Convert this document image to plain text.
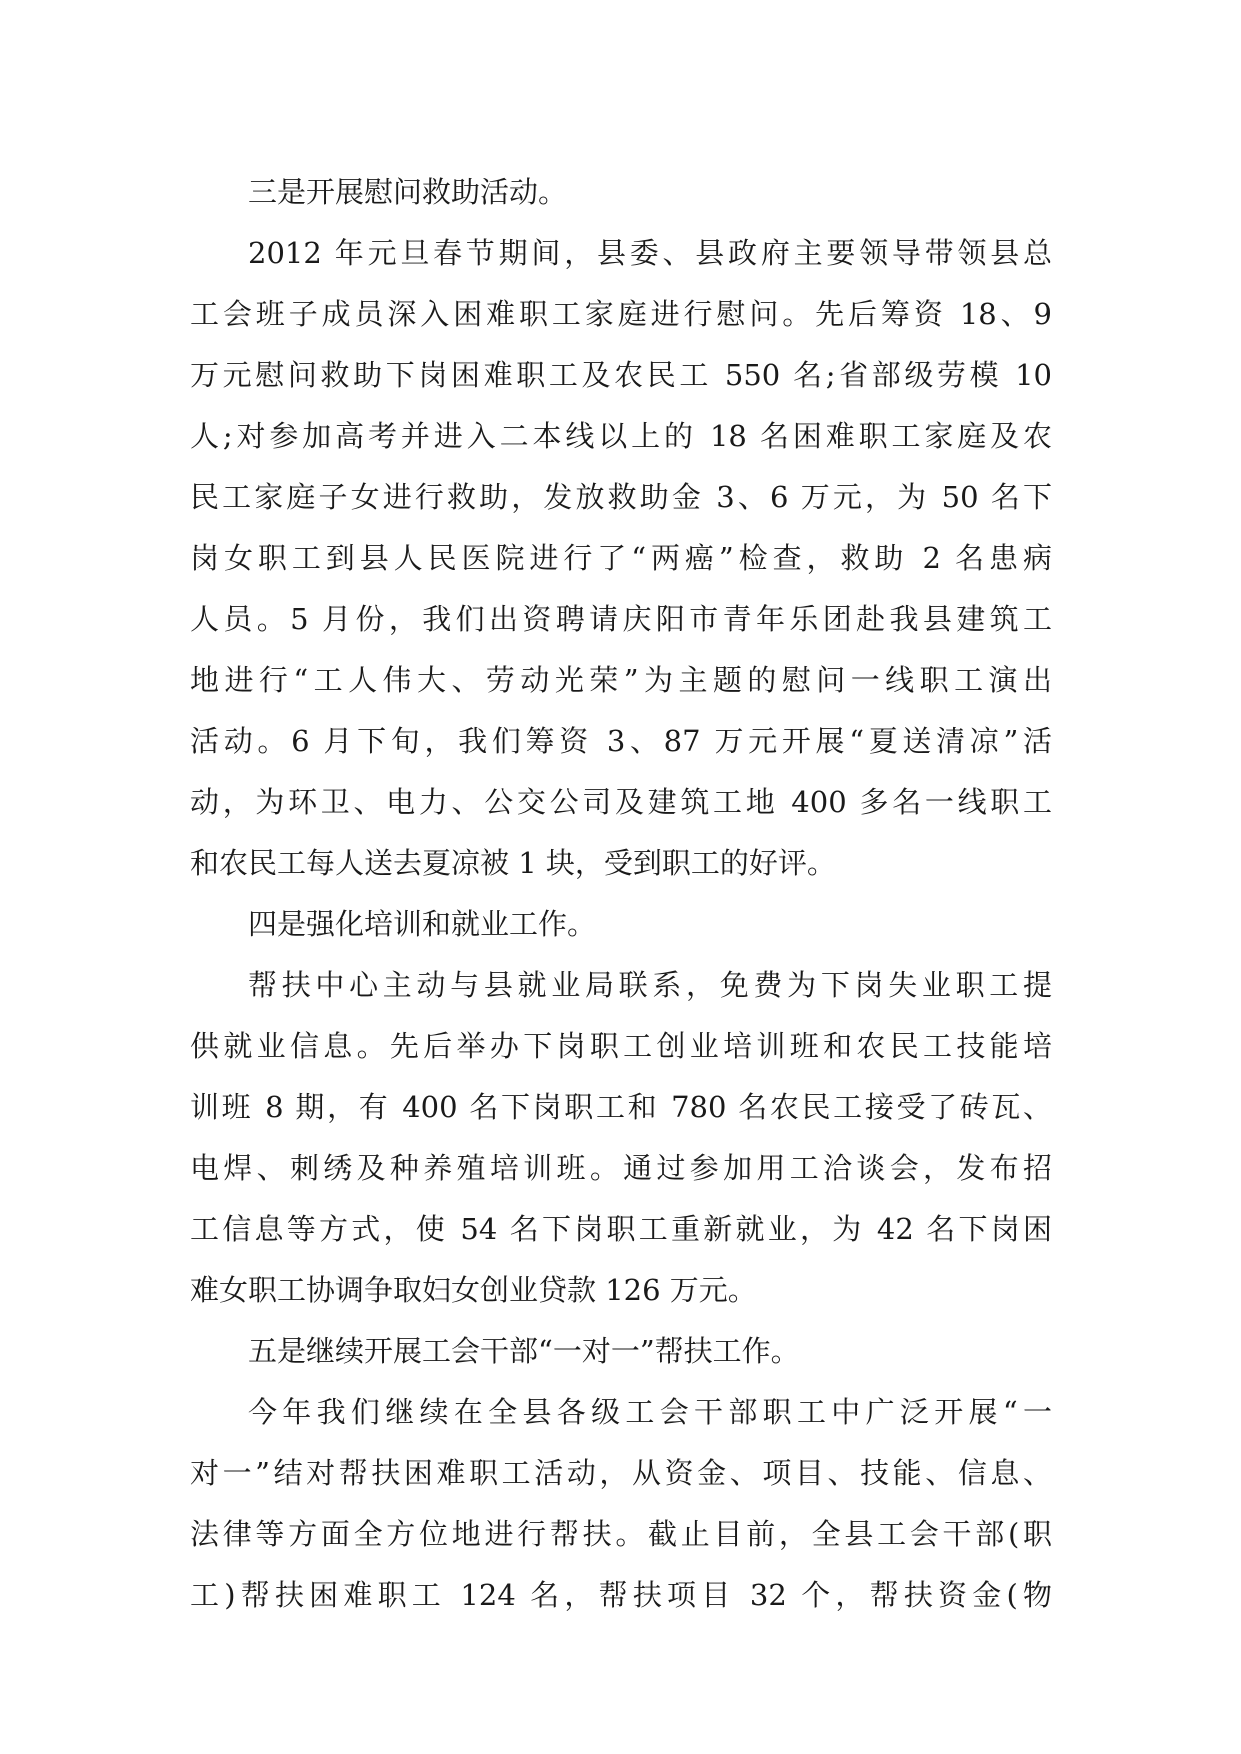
三是开展慰问救助活动。
2012 年元旦春节期间，县委、县政府主要领导带领县总
工会班子成员深入困难职工家庭进行慰问。先后筹资 18、9
万元慰问救助下岗困难职工及农民工 550 名;省部级劳模 10
人;对参加高考并进入二本线以上的 18 名困难职工家庭及农
民工家庭子女进行救助，发放救助金 3、6 万元，为 50 名下
岗女职工到县人民医院进行了“两癌”检查，救助 2 名患病
人员。5 月份，我们出资聘请庆阳市青年乐团赴我县建筑工
地进行“工人伟大、劳动光荣”为主题的慰问一线职工演出
活动。6 月下旬，我们筹资 3、87 万元开展“夏送清凉”活
动，为环卫、电力、公交公司及建筑工地 400 多名一线职工
和农民工每人送去夏凉被 1 块，受到职工的好评。
四是强化培训和就业工作。
帮扶中心主动与县就业局联系，免费为下岗失业职工提
供就业信息。先后举办下岗职工创业培训班和农民工技能培
训班 8 期，有 400 名下岗职工和 780 名农民工接受了砖瓦、
电焊、刺绣及种养殖培训班。通过参加用工洽谈会，发布招
工信息等方式，使 54 名下岗职工重新就业，为 42 名下岗困
难女职工协调争取妇女创业贷款 126 万元。
五是继续开展工会干部“一对一”帮扶工作。
今年我们继续在全县各级工会干部职工中广泛开展“一
对一”结对帮扶困难职工活动，从资金、项目、技能、信息、
法律等方面全方位地进行帮扶。截止目前，全县工会干部(职
工)帮扶困难职工 124 名，帮扶项目 32 个，帮扶资金(物
